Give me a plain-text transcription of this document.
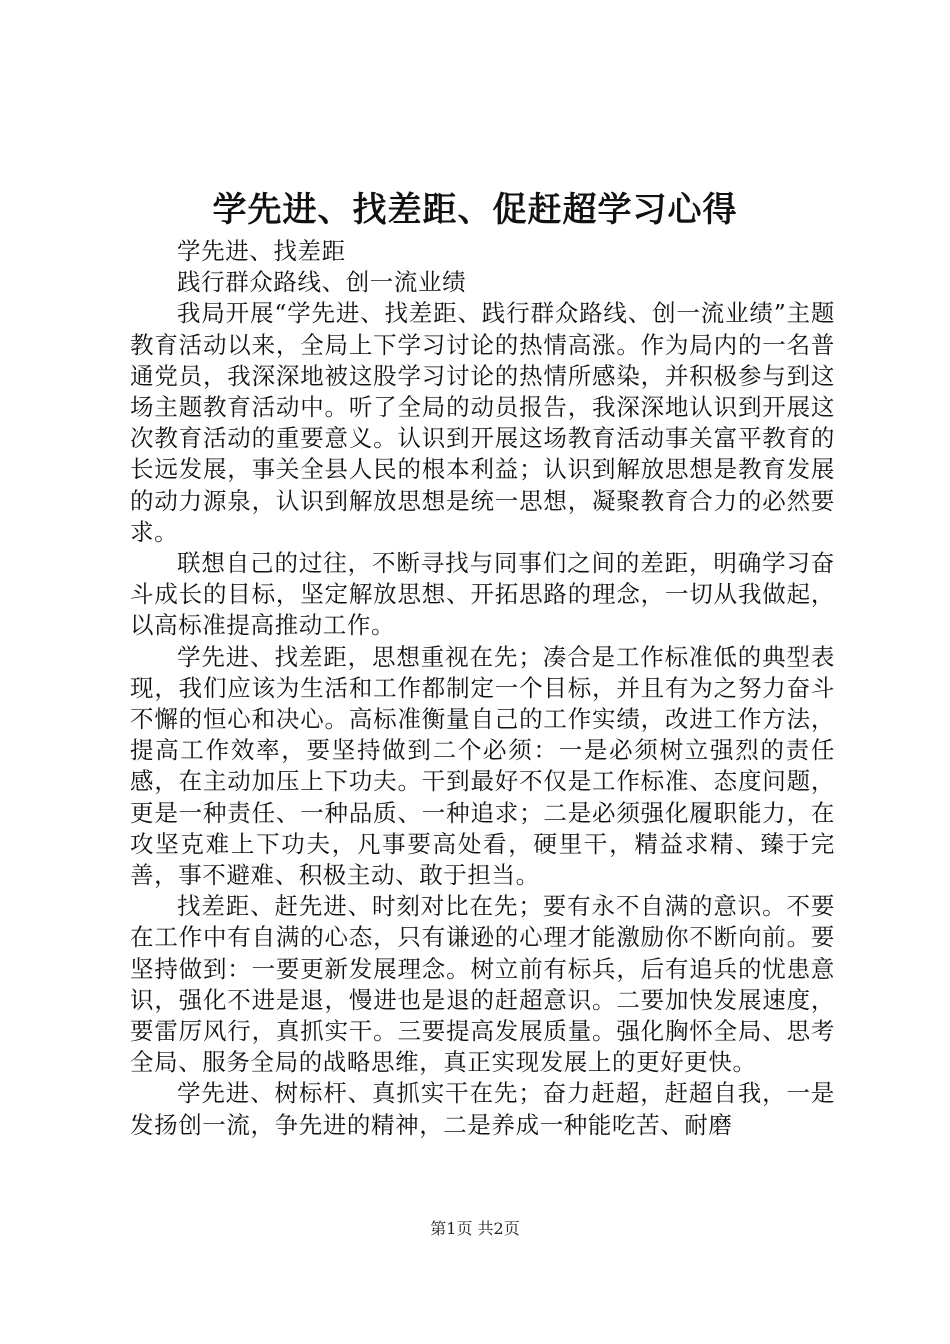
学先进、找差距、促赶超学习心得

学先进、找差距

践行群众路线、创一流业绩

我局开展“学先进、找差距、践行群众路线、创一流业绩”主题教育活动以来，全局上下学习讨论的热情高涨。作为局内的一名普通党员，我深深地被这股学习讨论的热情所感染，并积极参与到这场主题教育活动中。听了全局的动员报告，我深深地认识到开展这次教育活动的重要意义。认识到开展这场教育活动事关富平教育的长远发展，事关全县人民的根本利益；认识到解放思想是教育发展的动力源泉，认识到解放思想是统一思想，凝聚教育合力的必然要求。

联想自己的过往，不断寻找与同事们之间的差距，明确学习奋斗成长的目标，坚定解放思想、开拓思路的理念，一切从我做起，以高标准提高推动工作。

学先进、找差距，思想重视在先；凑合是工作标准低的典型表现，我们应该为生活和工作都制定一个目标，并且有为之努力奋斗不懈的恒心和决心。高标准衡量自己的工作实绩，改进工作方法，提高工作效率，要坚持做到二个必须：一是必须树立强烈的责任感，在主动加压上下功夫。干到最好不仅是工作标准、态度问题，更是一种责任、一种品质、一种追求；二是必须强化履职能力，在攻坚克难上下功夫，凡事要高处看，硬里干，精益求精、臻于完善，事不避难、积极主动、敢于担当。

找差距、赶先进、时刻对比在先；要有永不自满的意识。不要在工作中有自满的心态，只有谦逊的心理才能激励你不断向前。要坚持做到：一要更新发展理念。树立前有标兵，后有追兵的忧患意识，强化不进是退，慢进也是退的赶超意识。二要加快发展速度，要雷厉风行，真抓实干。三要提高发展质量。强化胸怀全局、思考全局、服务全局的战略思维，真正实现发展上的更好更快。

学先进、树标杆、真抓实干在先；奋力赶超，赶超自我，一是发扬创一流，争先进的精神，二是养成一种能吃苦、耐磨

第1页 共2页
